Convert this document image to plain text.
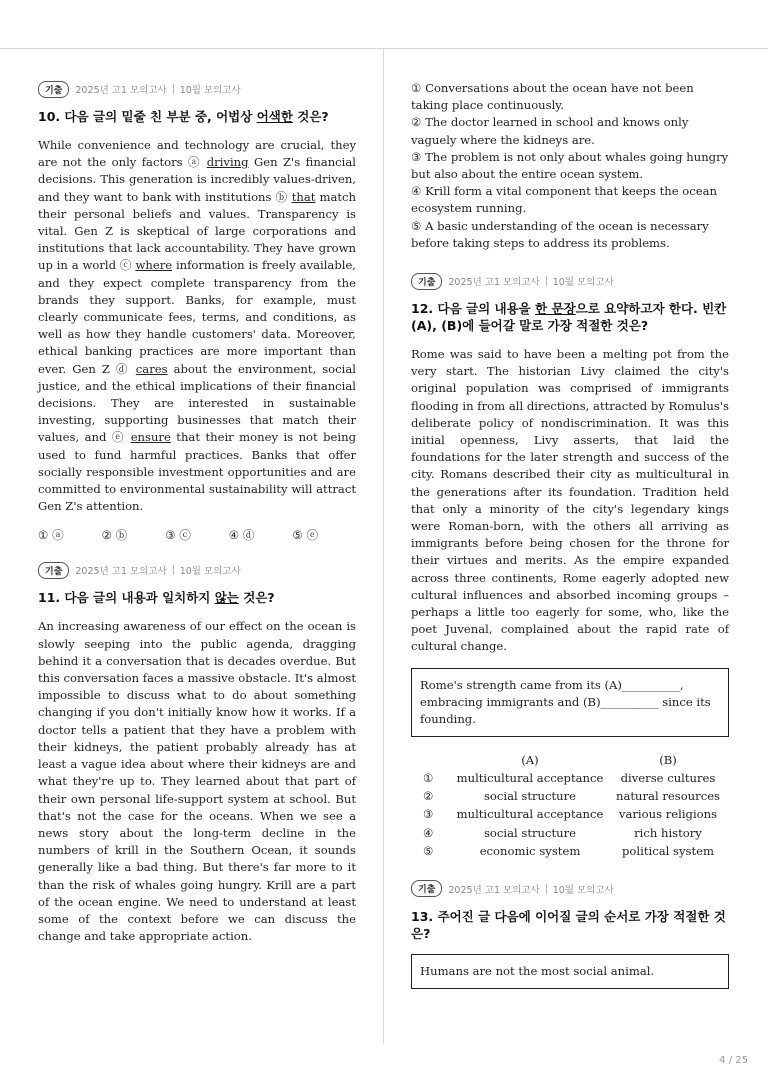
기출	2025년 고1 모의고사 10월 모의고사
10. 다음 글의 밑줄 친 부분 중, 어법상 어색한 것은?

While convenience and technology are crucial, they are not the only factors ⓐ driving Gen Z's financial decisions. This generation is incredibly values-driven, and they want to bank with institutions ⓑ that match their personal beliefs and values. Transparency is vital. Gen Z is skeptical of large corporations and institutions that lack accountability. They have grown up in a world ⓒ where information is freely available, and they expect complete transparency from the brands they support. Banks, for example, must clearly communicate fees, terms, and conditions, as well as how they handle customers' data. Moreover, ethical banking practices are more important than ever. Gen Z ⓓ cares about the environment, social justice, and the ethical implications of their financial decisions. They are interested in sustainable investing, supporting businesses that match their values, and ⓔ ensure that their money is not being used to fund harmful practices. Banks that offer socially responsible investment opportunities and are committed to environmental sustainability will attract Gen Z's attention.

① ⓐ	② ⓑ	③ ⓒ	④ ⓓ	⑤ ⓔ
기출	2025년 고1 모의고사 10월 모의고사
11. 다음 글의 내용과 일치하지 않는 것은?

An increasing awareness of our effect on the ocean is slowly seeping into the public agenda, dragging behind it a conversation that is decades overdue. But this conversation faces a massive obstacle. It's almost impossible to discuss what to do about something changing if you don't initially know how it works. If a doctor tells a patient that they have a problem with their kidneys, the patient probably already has at least a vague idea about where their kidneys are and what they're up to. They learned about that part of their own personal life-support system at school. But that's not the case for the oceans. When we see a news story about the long-term decline in the numbers of krill in the Southern Ocean, it sounds generally like a bad thing. But there's far more to it than the risk of whales going hungry. Krill are a part of the ocean engine. We need to understand at least some of the context before we can discuss the change and take appropriate action.

① Conversations about the ocean have not been taking place continuously.

② The doctor learned in school and knows only vaguely where the kidneys are.

③ The problem is not only about whales going hungry but also about the entire ocean system.

④ Krill form a vital component that keeps the ocean ecosystem running.

⑤ A basic understanding of the ocean is necessary before taking steps to address its problems.

기출	2025년 고1 모의고사 10월 모의고사
12. 다음 글의 내용을 한 문장으로 요약하고자 한다. 빈칸 (A), (B)에 들어갈 말로 가장 적절한 것은?

Rome was said to have been a melting pot from the very start. The historian Livy claimed the city's original population was comprised of immigrants flooding in from all directions, attracted by Romulus's deliberate policy of nondiscrimination. It was this initial openness, Livy asserts, that laid the foundations for the later strength and success of the city. Romans described their city as multicultural in the generations after its foundation. Tradition held that only a minority of the city's legendary kings were Roman-born, with the others all arriving as immigrants before being chosen for the throne for their virtues and merits. As the empire expanded across three continents, Rome eagerly adopted new cultural influences and absorbed incoming groups – perhaps a little too eagerly for some, who, like the poet Juvenal, complained about the rapid rate of cultural change.

Rome's strength came from its (A)__________, embracing immigrants and (B)__________ since its founding.
(A)	(B)
①	multicultural acceptance	diverse cultures
②	social structure	natural resources
③	multicultural acceptance	various religions
④	social structure	rich history
⑤	economic system	political system
기출	2025년 고1 모의고사 10월 모의고사
13. 주어진 글 다음에 이어질 글의 순서로 가장 적절한 것은?
Humans are not the most social animal.
4 / 25
